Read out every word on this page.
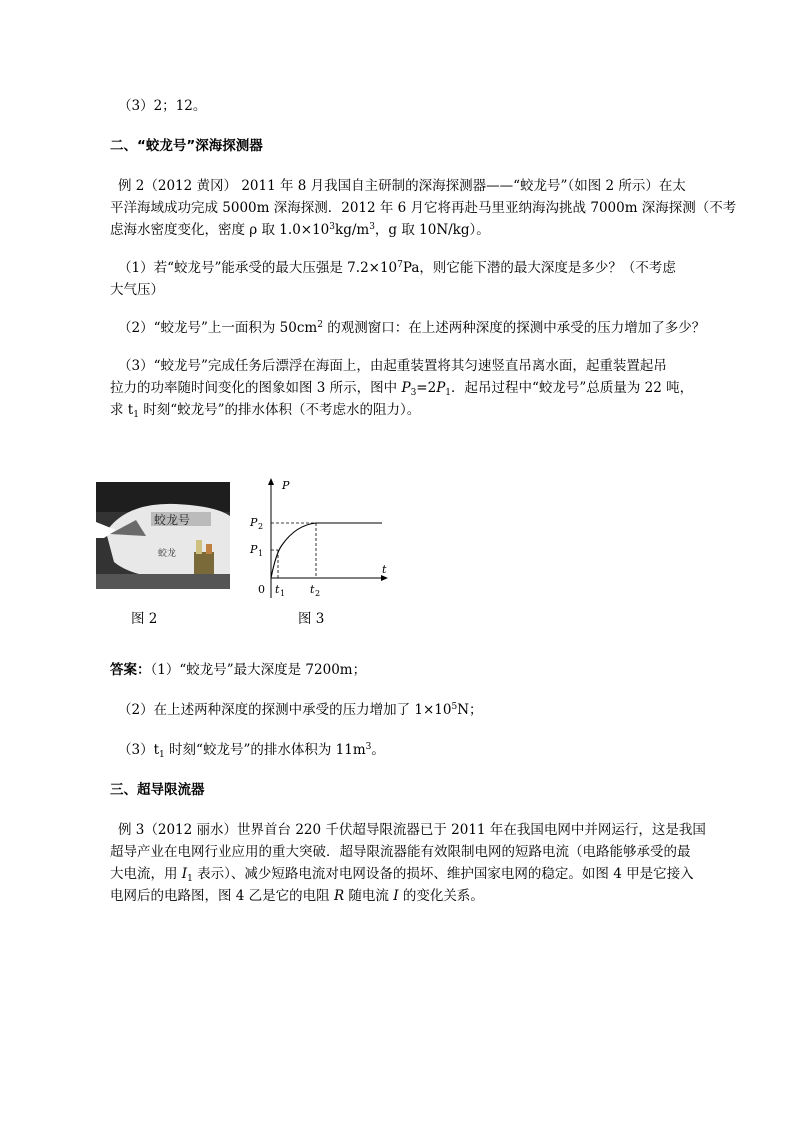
（3）2；12。
二、“蛟龙号”深海探测器
例 2（2012 黄冈） 2011 年 8 月我国自主研制的深海探测器——“蛟龙号”（如图 2 所示）在太
平洋海域成功完成 5000m 深海探测．2012 年 6 月它将再赴马里亚纳海沟挑战 7000m 深海探测（不考
虑海水密度变化，密度 ρ 取 $1.0\times 10^3kg/m^3$，g 取 10N/kg）。
（1）若“蛟龙号”能承受的最大压强是 $7.2\times 10^7Pa$，则它能下潜的最大深度是多少？（不考虑
大气压）
（2）“蛟龙号”上一面积为 $50cm^2$ 的观测窗口：在上述两种深度的探测中承受的压力增加了多少？
（3）“蛟龙号”完成任务后漂浮在海面上，由起重装置将其匀速竖直吊离水面，起重装置起吊
拉力的功率随时间变化的图象如图 3 所示，图中 $P_3=2P_1$．起吊过程中“蛟龙号”总质量为 22 吨，
求 $t_1$ 时刻“蛟龙号”的排水体积（不考虑水的阻力）。
蛟龙号
蛟龙
图 2
P
t
0
P 2
P 1
t 1 t 2
图 3
答案：（1）“蛟龙号”最大深度是 7200m；
（2）在上述两种深度的探测中承受的压力增加了 $1\times 10^5N$；
$(3)t_1$ 时刻“蛟龙号”的排水体积为 $11m^3$。
三、超导限流器
例 3（2012 丽水）世界首台 220 千伏超导限流器已于 2011 年在我国电网中并网运行，这是我国
超导产业在电网行业应用的重大突破．超导限流器能有效限制电网的短路电流（电路能够承受的最
大电流，用 $I_1$ 表示）、减少短路电流对电网设备的损坏、维护国家电网的稳定。如图 4 甲是它接入
电网后的电路图，图 4 乙是它的电阻 R 随电流 I 的变化关系。
